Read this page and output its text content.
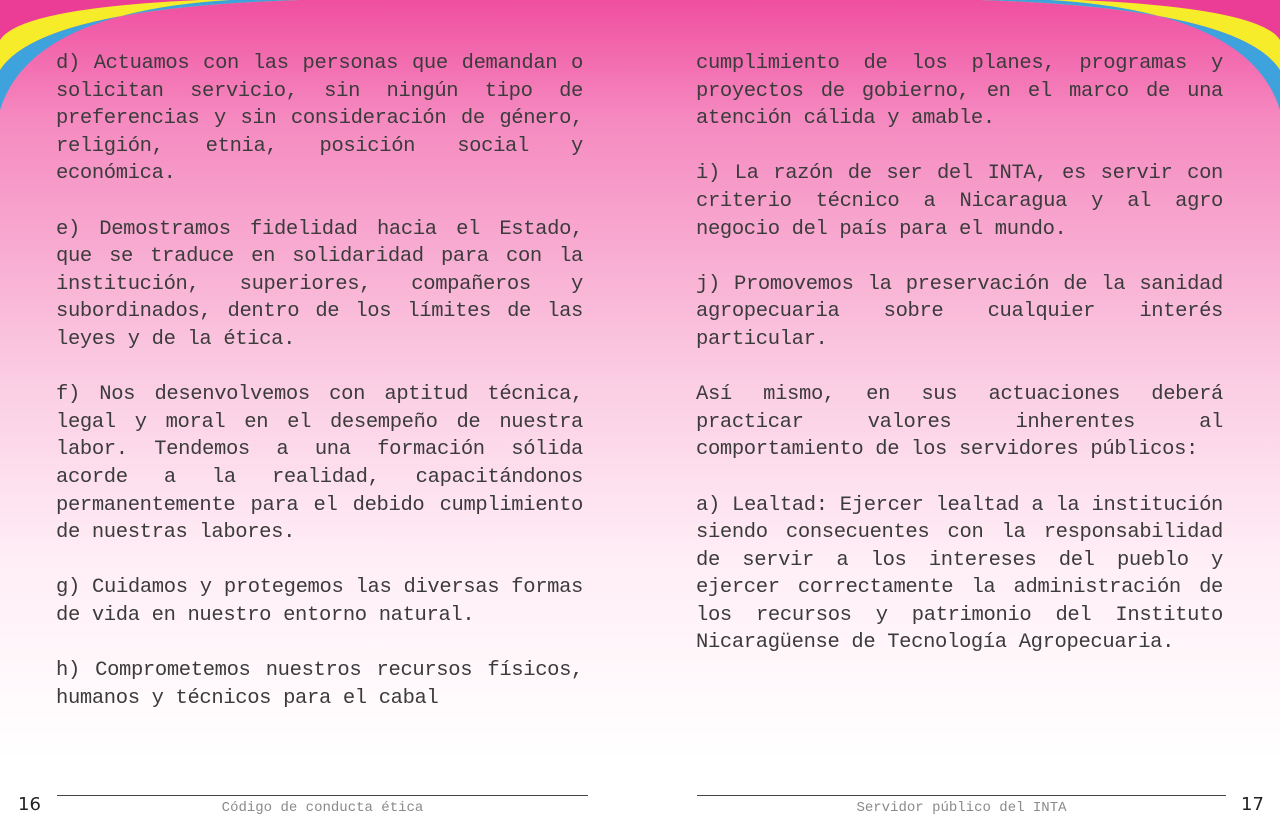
d) Actuamos con las personas que demandan o solicitan servicio, sin ningún tipo de preferencias y sin consideración de género, religión, etnia, posición social y económica.

e) Demostramos fidelidad hacia el Estado, que se traduce en solidaridad para con la institución, superiores, compañeros y subordinados, dentro de los límites de las leyes y de la ética.

f) Nos desenvolvemos con aptitud técnica, legal y moral en el desempeño de nuestra labor. Tendemos a una formación sólida acorde a la realidad, capacitándonos permanentemente para el debido cumplimiento de nuestras labores.

g) Cuidamos y protegemos las diversas formas de vida en nuestro entorno natural.

h) Comprometemos nuestros recursos físicos, humanos y técnicos para el cabal

cumplimiento de los planes, programas y proyectos de gobierno, en el marco de una atención cálida y amable.

i) La razón de ser del INTA, es servir con criterio técnico a Nicaragua y al agro negocio del país para el mundo.

j) Promovemos la preservación de la sanidad agropecuaria sobre cualquier interés particular.

Así mismo, en sus actuaciones deberá practicar valores inherentes al comportamiento de los servidores públicos:

a) Lealtad: Ejercer lealtad a la institución siendo consecuentes con la responsabilidad de servir a los intereses del pueblo y ejercer correctamente la administración de los recursos y patrimonio del Instituto Nicaragüense de Tecnología Agropecuaria.

Código de conducta ética	Servidor público del INTA
16	17
